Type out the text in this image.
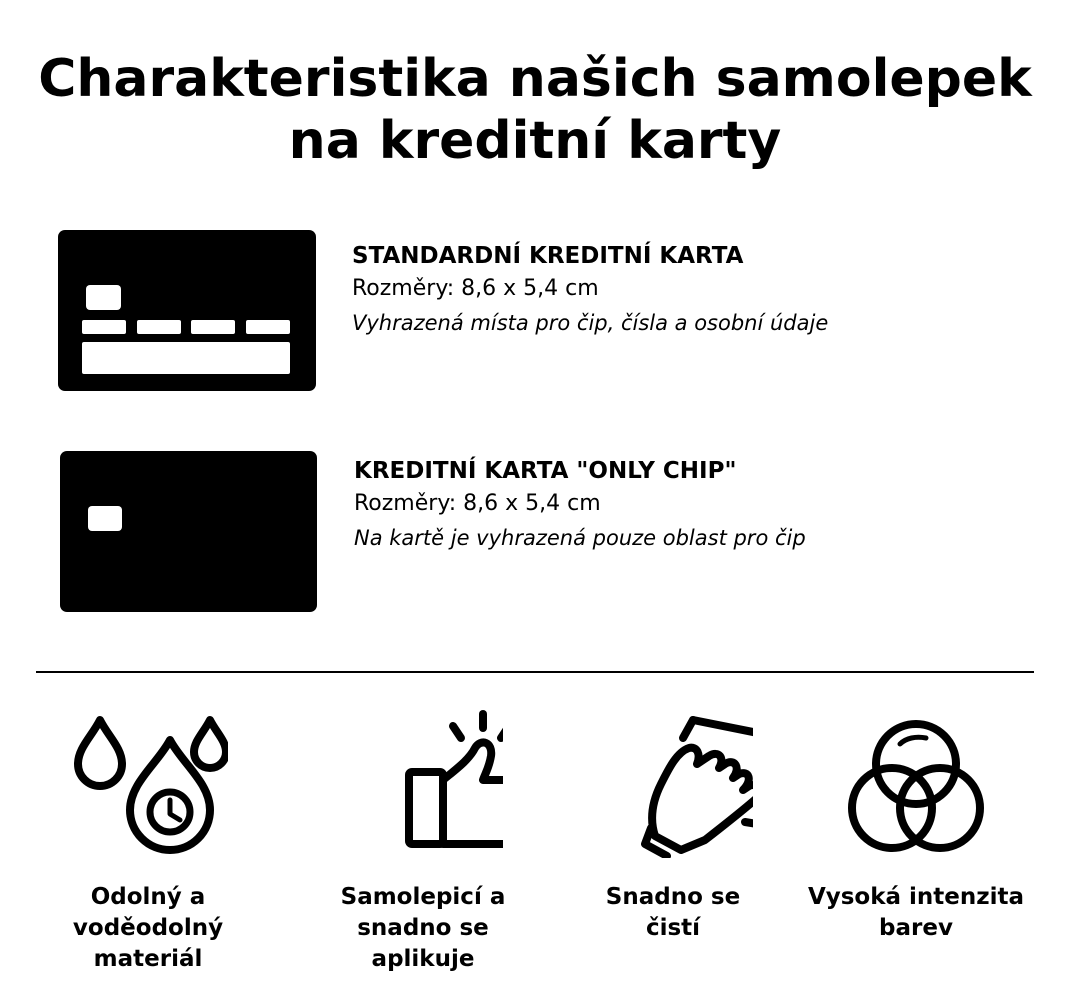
Charakteristika našich samolepek
na kreditní karty
STANDARDNÍ KREDITNÍ KARTA
Rozměry: 8,6 x 5,4 cm
Vyhrazená místa pro čip, čísla a osobní údaje
KREDITNÍ KARTA "ONLY CHIP"
Rozměry: 8,6 x 5,4 cm
Na kartě je vyhrazená pouze oblast pro čip
Odolný a
voděodolný
materiál
Samolepicí a
snadno se
aplikuje
Snadno se
čistí
Vysoká intenzita
barev
